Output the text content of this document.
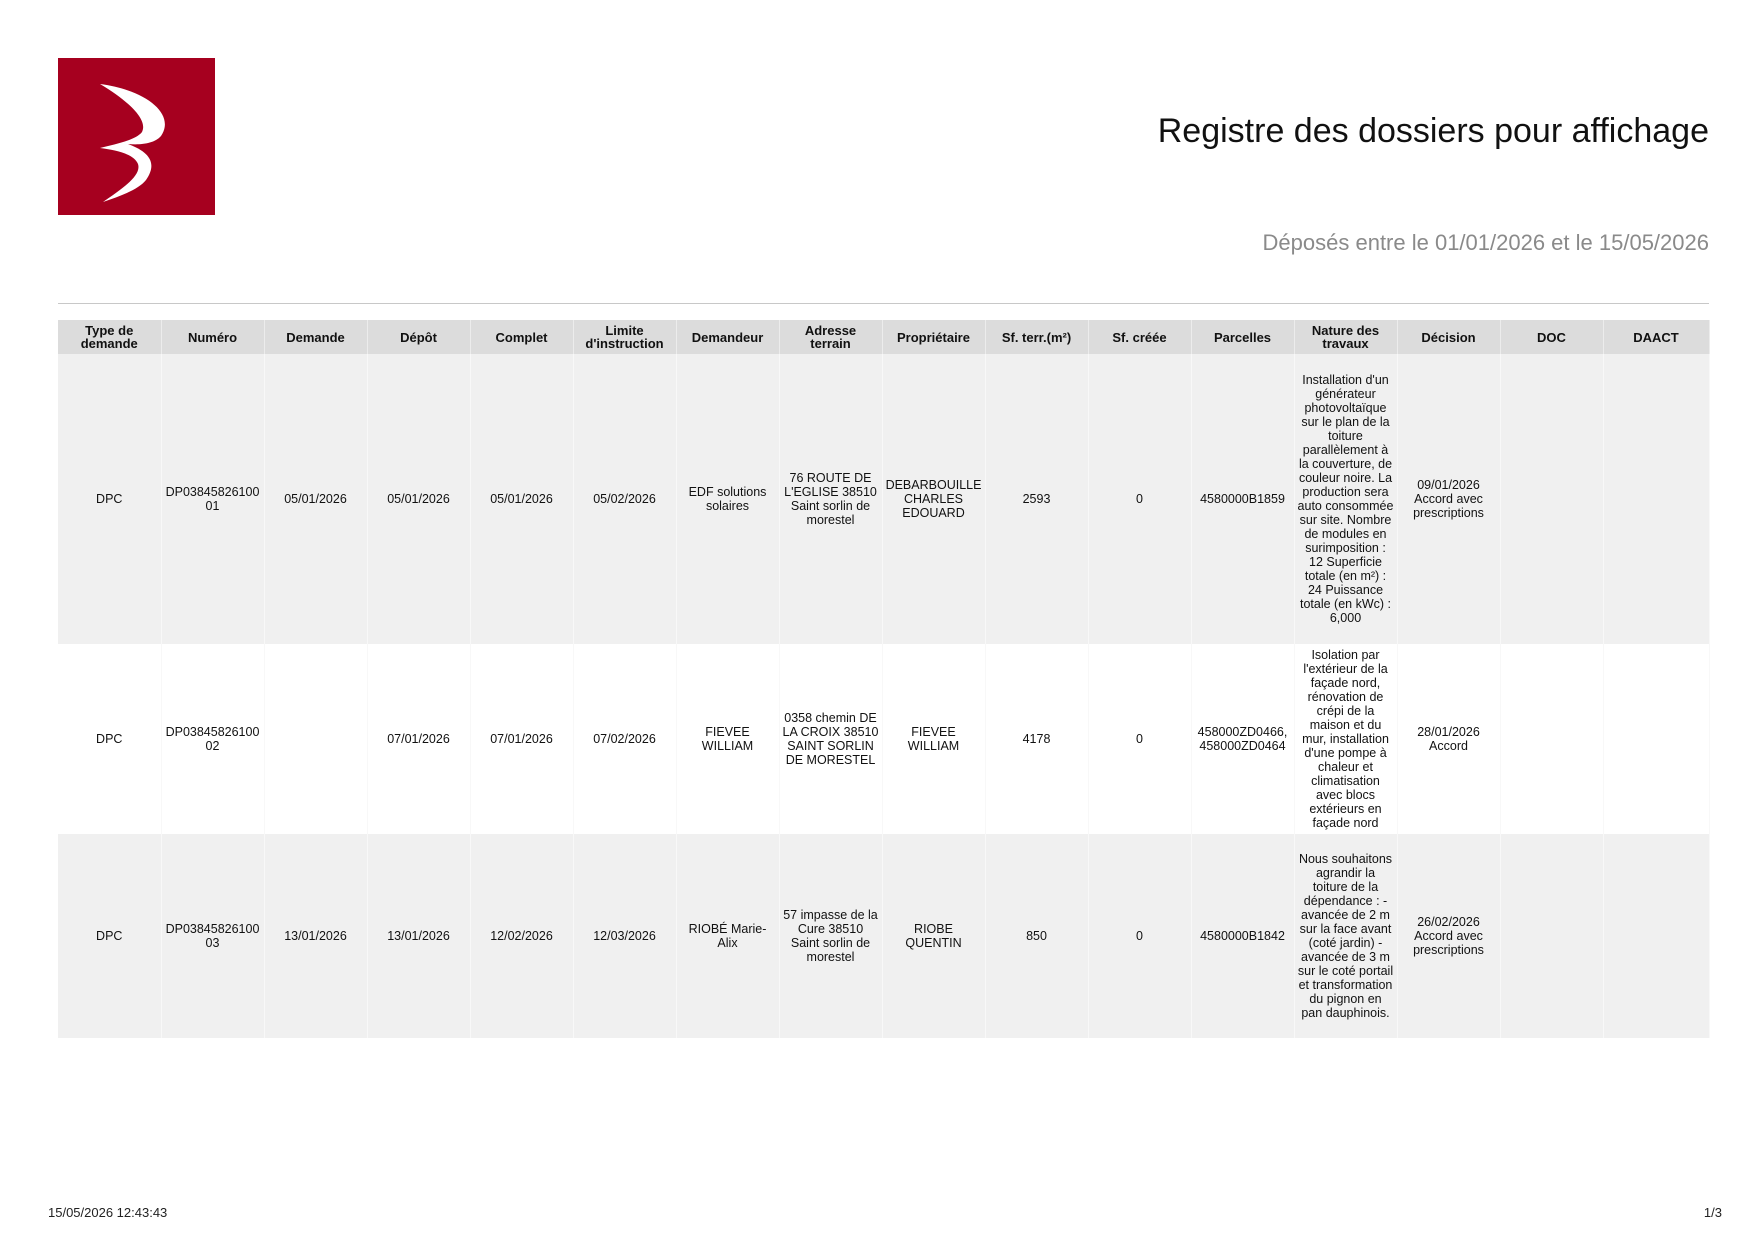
Registre des dossiers pour affichage
Déposés entre le 01/01/2026 et le 15/05/2026
Type de demande	Numéro	Demande	Dépôt	Complet	Limite d'instruction	Demandeur	Adresse terrain	Propriétaire	Sf. terr.(m²)	Sf. créée	Parcelles	Nature des travaux	Décision	DOC	DAACT
DPC	DP0384582610001	05/01/2026	05/01/2026	05/01/2026	05/02/2026	EDF solutions solaires	76 ROUTE DE L'EGLISE 38510 Saint sorlin de morestel	DEBARBOUILLE CHARLES EDOUARD	2593	0	4580000B1859	Installation d'un générateur photovoltaïque sur le plan de la toiture parallèlement à la couverture, de couleur noire. La production sera auto consommée sur site. Nombre de modules en surimposition : 12 Superficie totale (en m²) : 24 Puissance totale (en kWc) : 6,000	09/01/2026 Accord avec prescriptions		
DPC	DP0384582610002		07/01/2026	07/01/2026	07/02/2026	FIEVEE WILLIAM	0358 chemin DE LA CROIX 38510 SAINT SORLIN DE MORESTEL	FIEVEE WILLIAM	4178	0	458000ZD0466, 458000ZD0464	Isolation par l'extérieur de la façade nord, rénovation de crépi de la maison et du mur, installation d'une pompe à chaleur et climatisation avec blocs extérieurs en façade nord	28/01/2026 Accord		
DPC	DP0384582610003	13/01/2026	13/01/2026	12/02/2026	12/03/2026	RIOBÉ Marie-Alix	57 impasse de la Cure 38510 Saint sorlin de morestel	RIOBE QUENTIN	850	0	4580000B1842	Nous souhaitons agrandir la toiture de la dépendance : - avancée de 2 m sur la face avant (coté jardin) - avancée de 3 m sur le coté portail et transformation du pignon en pan dauphinois.	26/02/2026 Accord avec prescriptions		
15/05/2026 12:43:43	1/3
